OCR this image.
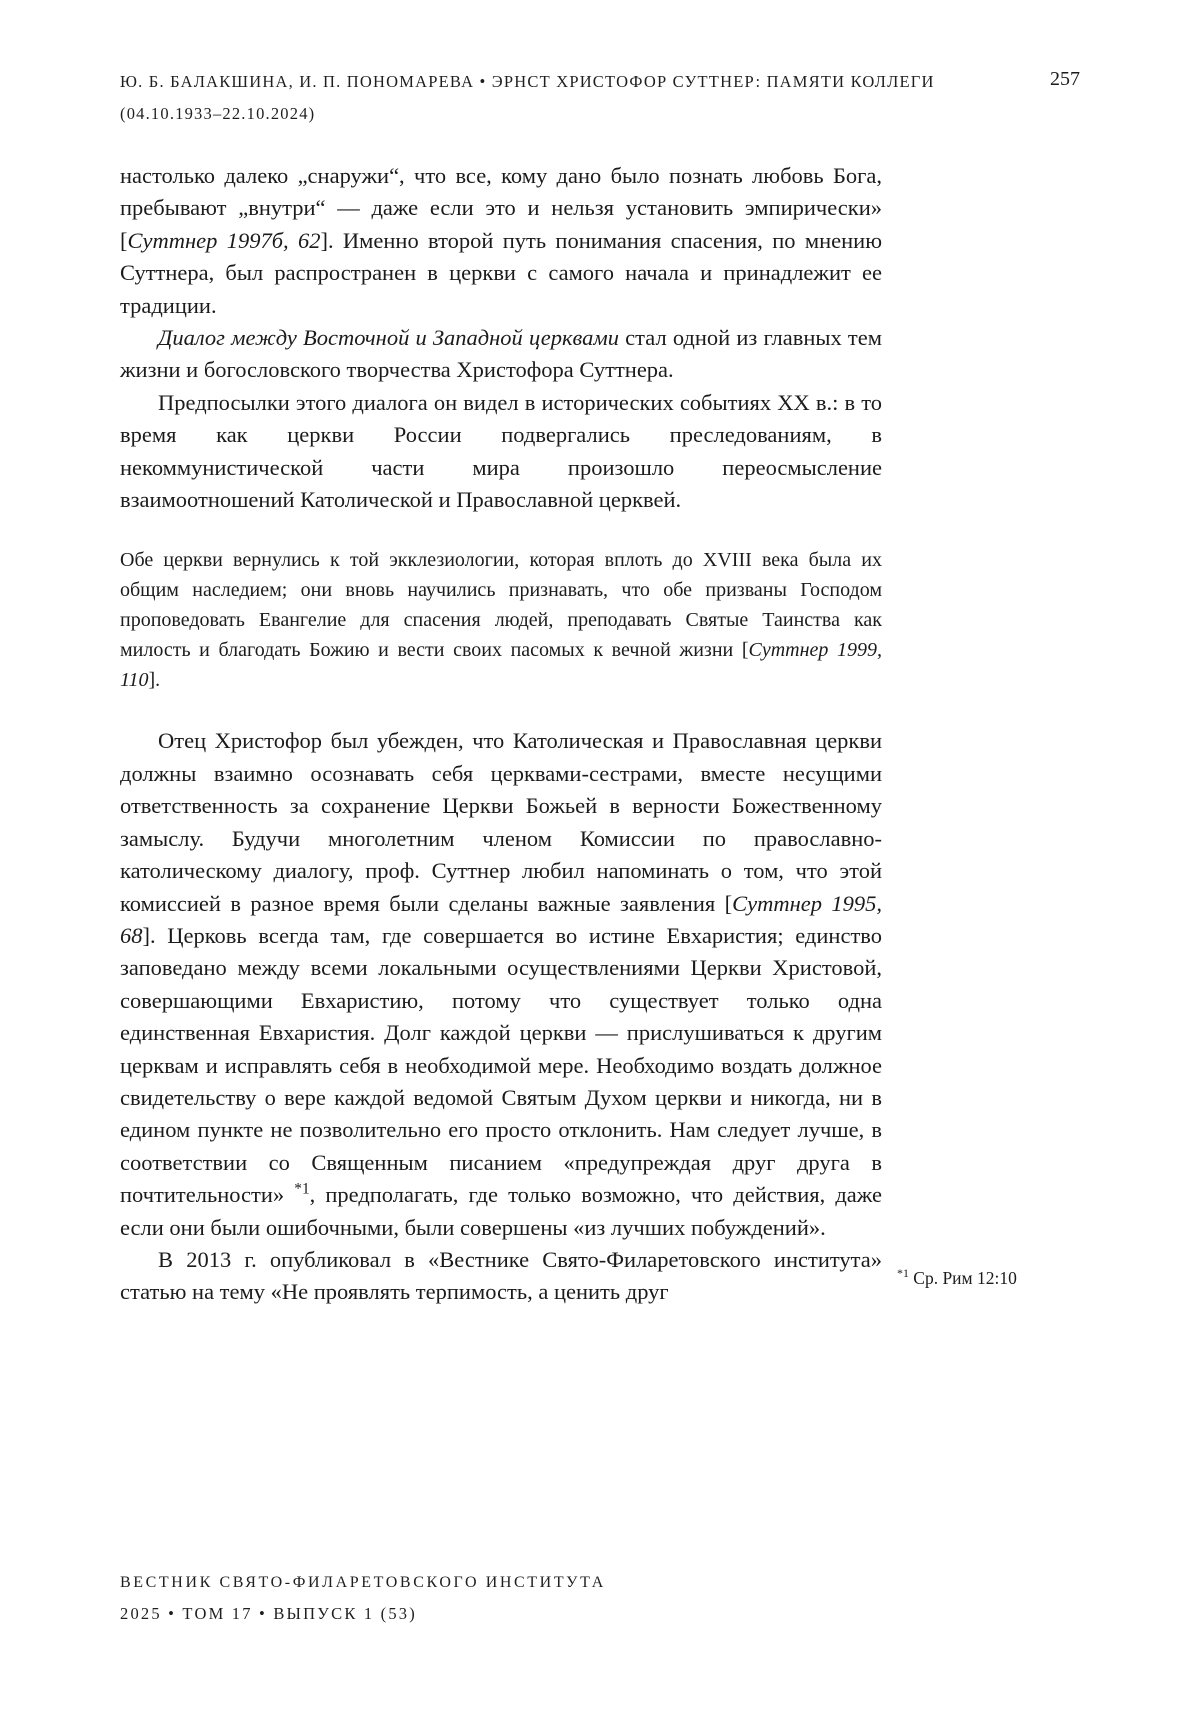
Ю. Б. БАЛАКШИНА, И. П. ПОНОМАРЕВА • ЭРНСТ ХРИСТОФОР СУТТНЕР: ПАМЯТИ КОЛЛЕГИ
(04.10.1933–22.10.2024)
257

настолько далеко „снаружи“, что все, кому дано было познать любовь Бога, пребывают „внутри“ — даже если это и нельзя установить эмпирически» [Суттнер 1997б, 62]. Именно второй путь понимания спасения, по мнению Суттнера, был распространен в церкви с самого начала и принадлежит ее традиции.

Диалог между Восточной и Западной церквами стал одной из главных тем жизни и богословского творчества Христофора Суттнера.

Предпосылки этого диалога он видел в исторических событиях XX в.: в то время как церкви России подвергались преследованиям, в некоммунистической части мира произошло переосмысление взаимоотношений Католической и Православной церквей.

Обе церкви вернулись к той экклезиологии, которая вплоть до XVIII века была их общим наследием; они вновь научились признавать, что обе призваны Господом проповедовать Евангелие для спасения людей, преподавать Святые Таинства как милость и благодать Божию и вести своих пасомых к вечной жизни [Суттнер 1999, 110].

Отец Христофор был убежден, что Католическая и Православная церкви должны взаимно осознавать себя церквами-сестрами, вместе несущими ответственность за сохранение Церкви Божьей в верности Божественному замыслу. Будучи многолетним членом Комиссии по православно-католическому диалогу, проф. Суттнер любил напоминать о том, что этой комиссией в разное время были сделаны важные заявления [Суттнер 1995, 68]. Церковь всегда там, где совершается во истине Евхаристия; единство заповедано между всеми локальными осуществлениями Церкви Христовой, совершающими Евхаристию, потому что существует только одна единственная Евхаристия. Долг каждой церкви — прислушиваться к другим церквам и исправлять себя в необходимой мере. Необходимо воздать должное свидетельству о вере каждой ведомой Святым Духом церкви и никогда, ни в едином пункте не позволительно его просто отклонить. Нам следует лучше, в соответствии со Священным писанием «предупреждая друг друга в почтительности» $^{*1}$, предполагать, где только возможно, что действия, даже если они были ошибочными, были совершены «из лучших побуждений».

В 2013 г. опубликовал в «Вестнике Свято-Филаретовского института» статью на тему «Не проявлять терпимость, а ценить друг

$^{*1}$ Ср. Рим 12:10
ВЕСТНИК СВЯТО-ФИЛАРЕТОВСКОГО ИНСТИТУТА
2025 • ТОМ 17 • ВЫПУСК 1 (53)
